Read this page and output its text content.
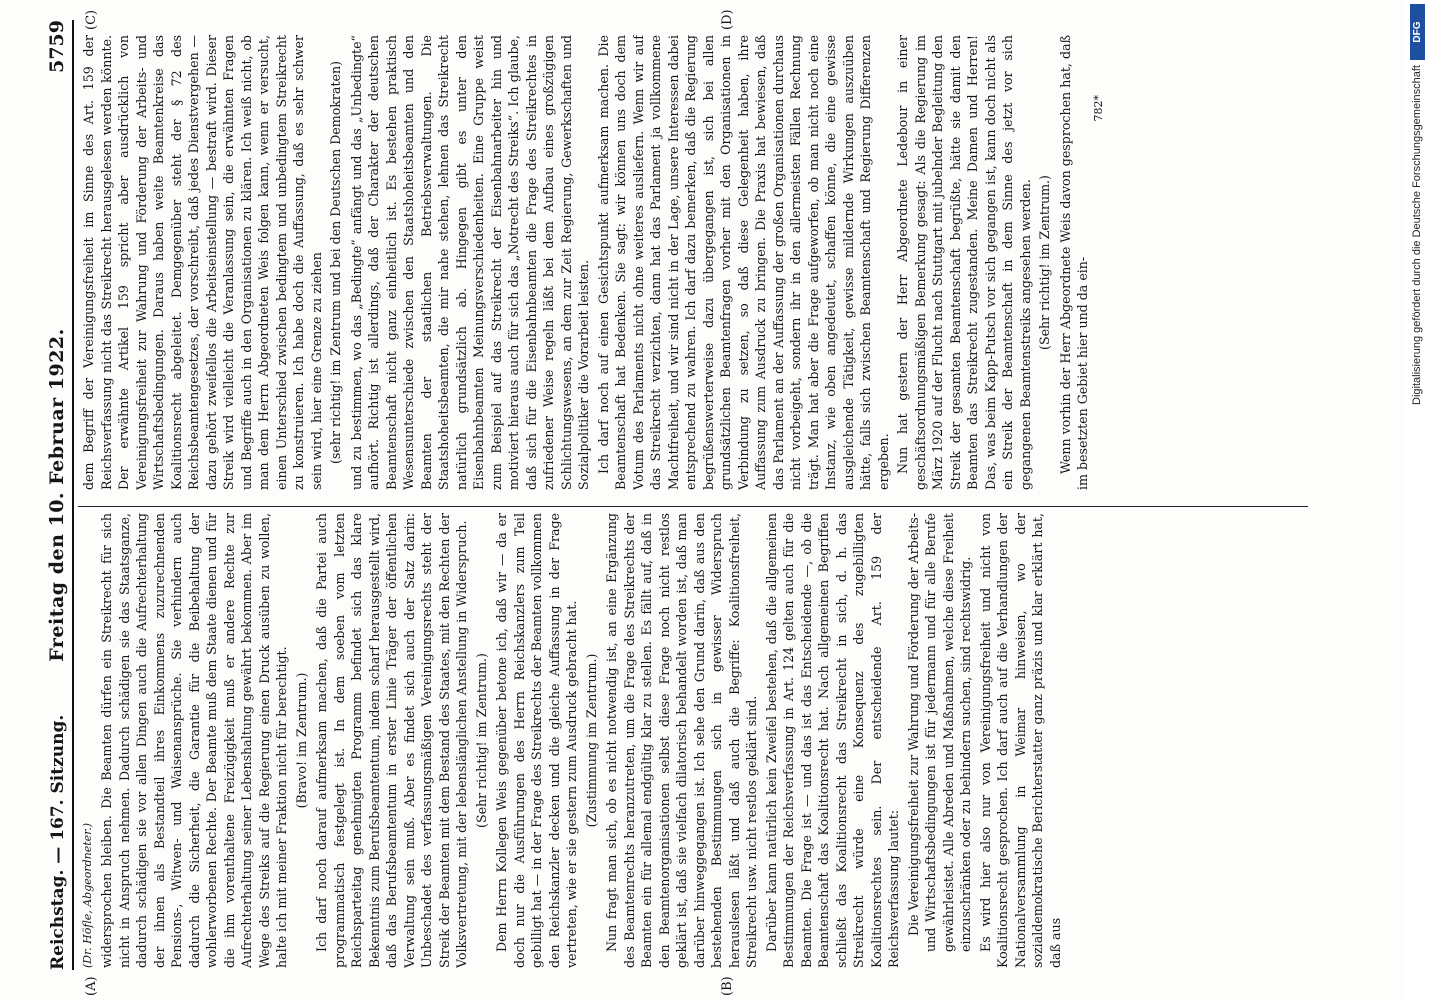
Reichstag. — 167. Sitzung.
Freitag den 10. Februar 1922.
5759
(A)	(B)
(C)	(D)
(Dr. Höfle, Abgeordneter.) widersprochen bleiben. Die Beamten dürfen ein Streikrecht für sich nicht in Anspruch nehmen. Dadurch schädigen sie das Staatsganze, dadurch schädigen sie vor allen Dingen auch die Aufrechterhaltung der ihnen als Bestandteil ihres Einkommens zuzurechnenden Pensions-, Witwen- und Waisenansprüche. Sie verhindern auch dadurch die Sicherheit, die Garantie für die Beibehaltung der wohlerworbenen Rechte. Der Beamte muß dem Staate dienen und für die ihm vorenthaltene Freizügigkeit muß er andere Rechte zur Aufrechterhaltung seiner Lebenshaltung gewährt bekommen. Aber im Wege des Streiks auf die Regierung einen Druck ausüben zu wollen, halte ich mit meiner Fraktion nicht für berechtigt. (Bravo! im Zentrum.) Ich darf noch darauf aufmerksam machen, daß die Partei auch programmatisch festgelegt ist. In dem soeben vom letzten Reichsparteitag genehmigten Programm befindet sich das klare Bekenntnis zum Berufsbeamtentum, indem scharf herausgestellt wird, daß das Berufsbeamtentum in erster Linie Träger der öffentlichen Verwaltung sein muß. Aber es findet sich auch der Satz darin: Unbeschadet des verfassungsmäßigen Vereinigungsrechts steht der Streik der Beamten mit dem Bestand des Staates, mit den Rechten der Volksvertretung, mit der lebenslänglichen Anstellung in Widerspruch. (Sehr richtig! im Zentrum.) Dem Herrn Kollegen Weis gegenüber betone ich, daß wir — da er doch nur die Ausführungen des Herrn Reichskanzlers zum Teil gebilligt hat — in der Frage des Streikrechts der Beamten vollkommen den Reichskanzler decken und die gleiche Auffassung in der Frage vertreten, wie er sie gestern zum Ausdruck gebracht hat. (Zustimmung im Zentrum.) Nun fragt man sich, ob es nicht notwendig ist, an eine Ergänzung des Beamtenrechts heranzutreten, um die Frage des Streikrechts der Beamten ein für allemal endgültig klar zu stellen. Es fällt auf, daß in den Beamtenorganisationen selbst diese Frage noch nicht restlos geklärt ist, daß sie vielfach dilatorisch behandelt worden ist, daß man darüber hinweggegangen ist. Ich sehe den Grund darin, daß aus den bestehenden Bestimmungen sich in gewisser Widerspruch herauslesen läßt und daß auch die Begriffe: Koalitionsfreiheit, Streikrecht usw. nicht restlos geklärt sind. Darüber kann natürlich kein Zweifel bestehen, daß die allgemeinen Bestimmungen der Reichsverfassung in Art. 124 gelten auch für die Beamten. Die Frage ist — und das ist das Entscheidende —, ob die Beamtenschaft das Koalitionsrecht hat. Nach allgemeinen Begriffen schließt das Koalitionsrecht das Streikrecht in sich, d. h. das Streikrecht würde eine Konsequenz des zugebilligten Koalitionsrechtes sein. Der entscheidende Art. 159 der Reichsverfassung lautet: Die Vereinigungsfreiheit zur Wahrung und Förderung der Arbeits- und Wirtschaftsbedingungen ist für jedermann und für alle Berufe gewährleistet. Alle Abreden und Maßnahmen, welche diese Freiheit einzuschränken oder zu behindern suchen, sind rechtswidrig. Es wird hier also nur von Vereinigungsfreiheit und nicht von Koalitionsrecht gesprochen. Ich darf auch auf die Verhandlungen der Nationalversammlung in Weimar hinweisen, wo der sozialdemokratische Berichterstatter ganz präzis und klar erklärt hat, daß aus

dem Begriff der Vereinigungsfreiheit im Sinne des Art. 159 der Reichsverfassung nicht das Streikrecht herausgelesen werden könnte. Der erwähnte Artikel 159 spricht aber ausdrücklich von Vereinigungsfreiheit zur Wahrung und Förderung der Arbeits- und Wirtschaftsbedingungen. Daraus haben weite Beamtenkreise das Koalitionsrecht abgeleitet. Demgegenüber steht der § 72 des Reichsbeamtengesetzes, der vorschreibt, daß jedes Dienstvergehen — dazu gehört zweifellos die Arbeitseinstellung — bestraft wird. Dieser Streik wird vielleicht die Veranlassung sein, die erwähnten Fragen und Begriffe auch in den Organisationen zu klären. Ich weiß nicht, ob man dem Herrn Abgeordneten Weis folgen kann, wenn er versucht, einen Unterschied zwischen bedingtem und unbedingtem Streikrecht zu konstruieren. Ich habe doch die Auffassung, daß es sehr schwer sein wird, hier eine Grenze zu ziehen (sehr richtig! im Zentrum und bei den Deutschen Demokraten) und zu bestimmen, wo das „Bedingte“ anfängt und das „Unbedingte“ aufhört. Richtig ist allerdings, daß der Charakter der deutschen Beamtenschaft nicht ganz einheitlich ist. Es bestehen praktisch Wesensunterschiede zwischen den Staatshoheitsbeamten und den Beamten der staatlichen Betriebsverwaltungen. Die Staatshoheitsbeamten, die mir nahe stehen, lehnen das Streikrecht natürlich grundsätzlich ab. Hingegen gibt es unter den Eisenbahnbeamten Meinungsverschiedenheiten. Eine Gruppe weist zum Beispiel auf das Streikrecht der Eisenbahnarbeiter hin und motiviert hieraus auch für sich das „Notrecht des Streiks“. Ich glaube, daß sich für die Eisenbahnbeamten die Frage des Streikrechtes in zufriedener Weise regeln läßt bei dem Aufbau eines großzügigen Schlichtungswesens, an dem zur Zeit Regierung, Gewerkschaften und Sozialpolitiker die Vorarbeit leisten. Ich darf noch auf einen Gesichtspunkt aufmerksam machen. Die Beamtenschaft hat Bedenken. Sie sagt: wir können uns doch dem Votum des Parlaments nicht ohne weiteres ausliefern. Wenn wir auf das Streikrecht verzichten, dann hat das Parlament ja vollkommene Machtfreiheit, und wir sind nicht in der Lage, unsere Interessen dabei entsprechend zu wahren. Ich darf dazu bemerken, daß die Regierung begrüßenswerterweise dazu übergegangen ist, sich bei allen grundsätzlichen Beamtenfragen vorher mit den Organisationen in Verbindung zu setzen, so daß diese Gelegenheit haben, ihre Auffassung zum Ausdruck zu bringen. Die Praxis hat bewiesen, daß das Parlament an der Auffassung der großen Organisationen durchaus nicht vorbeigeht, sondern ihr in den allermeisten Fällen Rechnung trägt. Man hat aber die Frage aufgeworfen, ob man nicht noch eine Instanz, wie oben angedeutet, schaffen könne, die eine gewisse ausgleichende Tätigkeit, gewisse mildernde Wirkungen auszuüben hätte, falls sich zwischen Beamtenschaft und Regierung Differenzen ergeben. Nun hat gestern der Herr Abgeordnete Ledebour in einer geschäftsordnungsmäßigen Bemerkung gesagt: Als die Regierung im März 1920 auf der Flucht nach Stuttgart mit jubelnder Begleitung den Streik der gesamten Beamtenschaft begrüßte, hätte sie damit den Beamten das Streikrecht zugestanden. Meine Damen und Herren! Das, was beim Kapp-Putsch vor sich gegangen ist, kann doch nicht als ein Streik der Beamtenschaft in dem Sinne des jetzt vor sich gegangenen Beamtenstreiks angesehen werden. (Sehr richtig! im Zentrum.) Wenn vorhin der Herr Abgeordnete Weis davon gesprochen hat, daß im besetzten Gebiet hier und da ein-

782*	Digitalisierung gefördert durch die Deutsche Forschungsgemeinschaft
DFG
